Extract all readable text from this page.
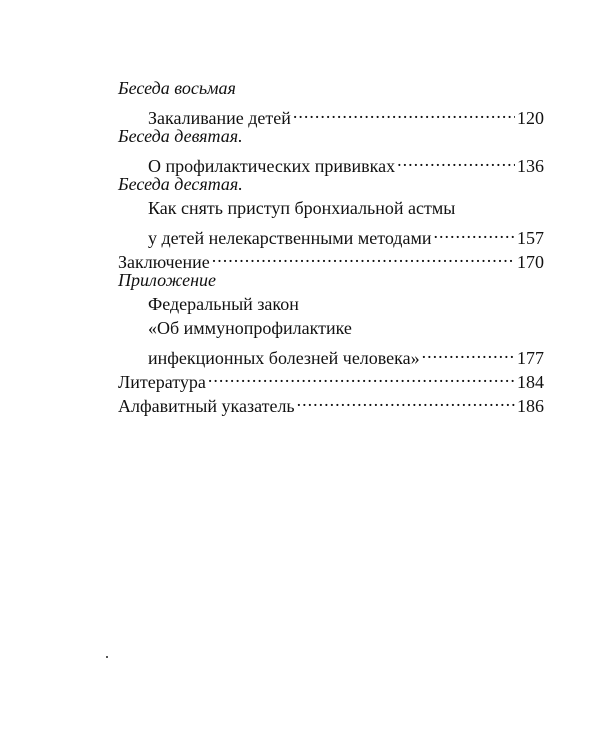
Беседа восьмая
Закаливание детей .....	120
Беседа девятая.
О профилактических прививках .....	136
Беседа десятая.
Как снять приступ бронхиальной астмы
у детей нелекарственными методами .....	157
Заключение .....	170
Приложение
Федеральный закон
«Об иммунопрофилактике
инфекционных болезней человека» .....	177
Литература .....	184
Алфавитный указатель .....	186
